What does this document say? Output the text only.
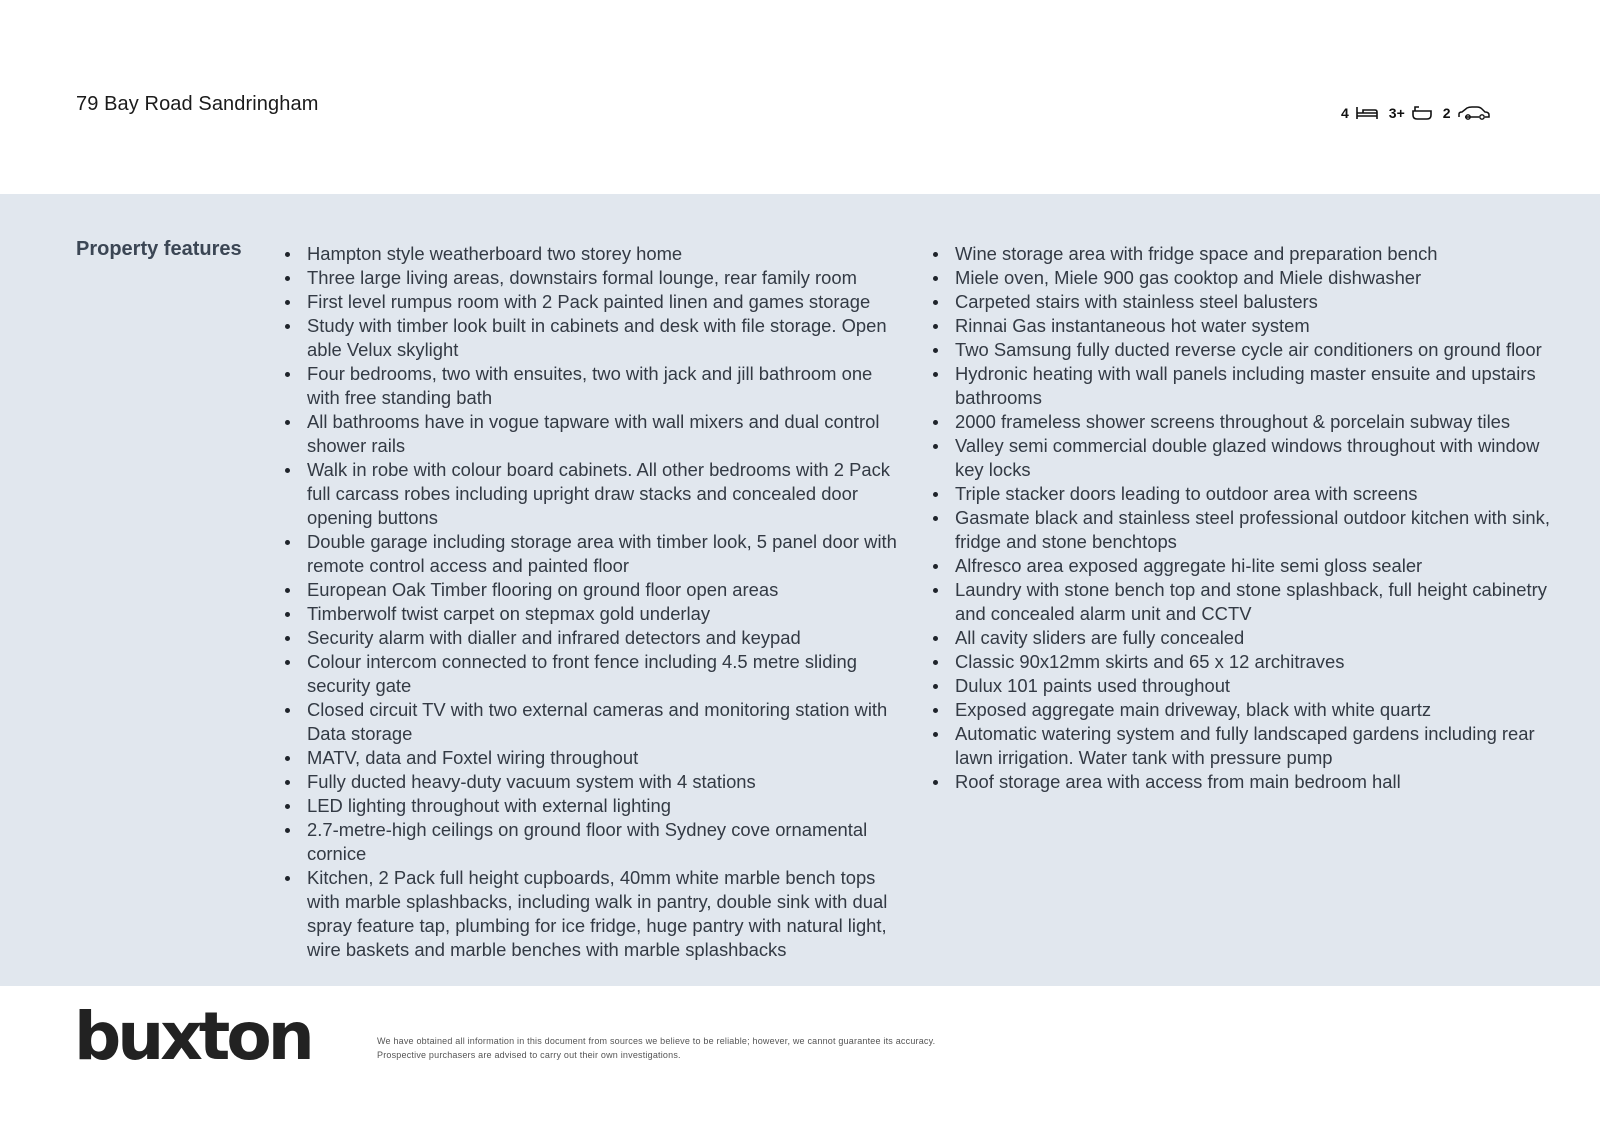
79 Bay Road Sandringham	4	3+	2
Property features	Hampton style weatherboard two storey home
Three large living areas, downstairs formal lounge, rear family room
First level rumpus room with 2 Pack painted linen and games storage
Study with timber look built in cabinets and desk with file storage. Open able Velux skylight
Four bedrooms, two with ensuites, two with jack and jill bathroom one with free standing bath
All bathrooms have in vogue tapware with wall mixers and dual control shower rails
Walk in robe with colour board cabinets. All other bedrooms with 2 Pack full carcass robes including upright draw stacks and concealed door opening buttons
Double garage including storage area with timber look, 5 panel door with remote control access and painted floor
European Oak Timber flooring on ground floor open areas
Timberwolf twist carpet on stepmax gold underlay
Security alarm with dialler and infrared detectors and keypad
Colour intercom connected to front fence including 4.5 metre sliding security gate
Closed circuit TV with two external cameras and monitoring station with Data storage
MATV, data and Foxtel wiring throughout
Fully ducted heavy-duty vacuum system with 4 stations
LED lighting throughout with external lighting
2.7-metre-high ceilings on ground floor with Sydney cove ornamental cornice
Kitchen, 2 Pack full height cupboards, 40mm white marble bench tops with marble splashbacks, including walk in pantry, double sink with dual spray feature tap, plumbing for ice fridge, huge pantry with natural light, wire baskets and marble benches with marble splashbacks
Wine storage area with fridge space and preparation bench
Miele oven, Miele 900 gas cooktop and Miele dishwasher
Carpeted stairs with stainless steel balusters
Rinnai Gas instantaneous hot water system
Two Samsung fully ducted reverse cycle air conditioners on ground floor
Hydronic heating with wall panels including master ensuite and upstairs bathrooms
2000 frameless shower screens throughout & porcelain subway tiles
Valley semi commercial double glazed windows throughout with window key locks
Triple stacker doors leading to outdoor area with screens
Gasmate black and stainless steel professional outdoor kitchen with sink, fridge and stone benchtops
Alfresco area exposed aggregate hi-lite semi gloss sealer
Laundry with stone bench top and stone splashback, full height cabinetry and concealed alarm unit and CCTV
All cavity sliders are fully concealed
Classic 90x12mm skirts and 65 x 12 architraves
Dulux 101 paints used throughout
Exposed aggregate main driveway, black with white quartz
Automatic watering system and fully landscaped gardens including rear lawn irrigation. Water tank with pressure pump
Roof storage area with access from main bedroom hall
buxton	We have obtained all information in this document from sources we believe to be reliable; however, we cannot guarantee its accuracy.
Prospective purchasers are advised to carry out their own investigations.
